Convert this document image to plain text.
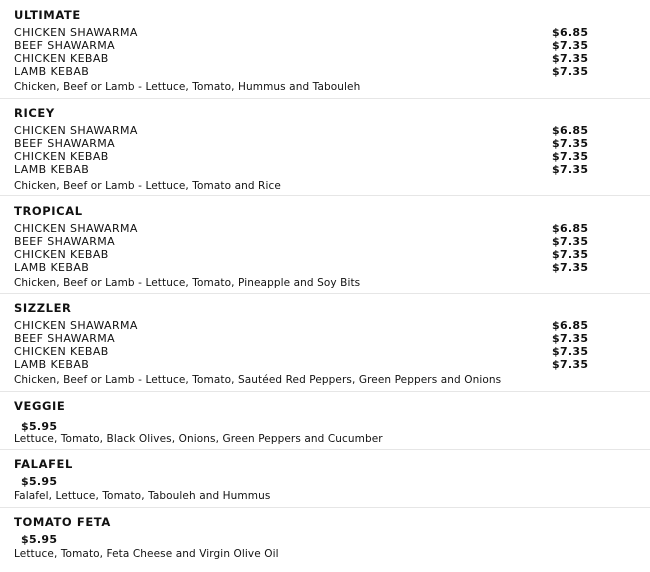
ULTIMATE
CHICKEN SHAWARMA	$6.85
BEEF SHAWARMA	$7.35
CHICKEN KEBAB	$7.35
LAMB KEBAB	$7.35
Chicken, Beef or Lamb - Lettuce, Tomato, Hummus and Tabouleh
RICEY
CHICKEN SHAWARMA	$6.85
BEEF SHAWARMA	$7.35
CHICKEN KEBAB	$7.35
LAMB KEBAB	$7.35
Chicken, Beef or Lamb - Lettuce, Tomato and Rice
TROPICAL
CHICKEN SHAWARMA	$6.85
BEEF SHAWARMA	$7.35
CHICKEN KEBAB	$7.35
LAMB KEBAB	$7.35
Chicken, Beef or Lamb - Lettuce, Tomato, Pineapple and Soy Bits
SIZZLER
CHICKEN SHAWARMA	$6.85
BEEF SHAWARMA	$7.35
CHICKEN KEBAB	$7.35
LAMB KEBAB	$7.35
Chicken, Beef or Lamb - Lettuce, Tomato, Sautéed Red Peppers, Green Peppers and Onions
VEGGIE
$5.95
Lettuce, Tomato, Black Olives, Onions, Green Peppers and Cucumber
FALAFEL
$5.95
Falafel, Lettuce, Tomato, Tabouleh and Hummus
TOMATO FETA
$5.95
Lettuce, Tomato, Feta Cheese and Virgin Olive Oil
